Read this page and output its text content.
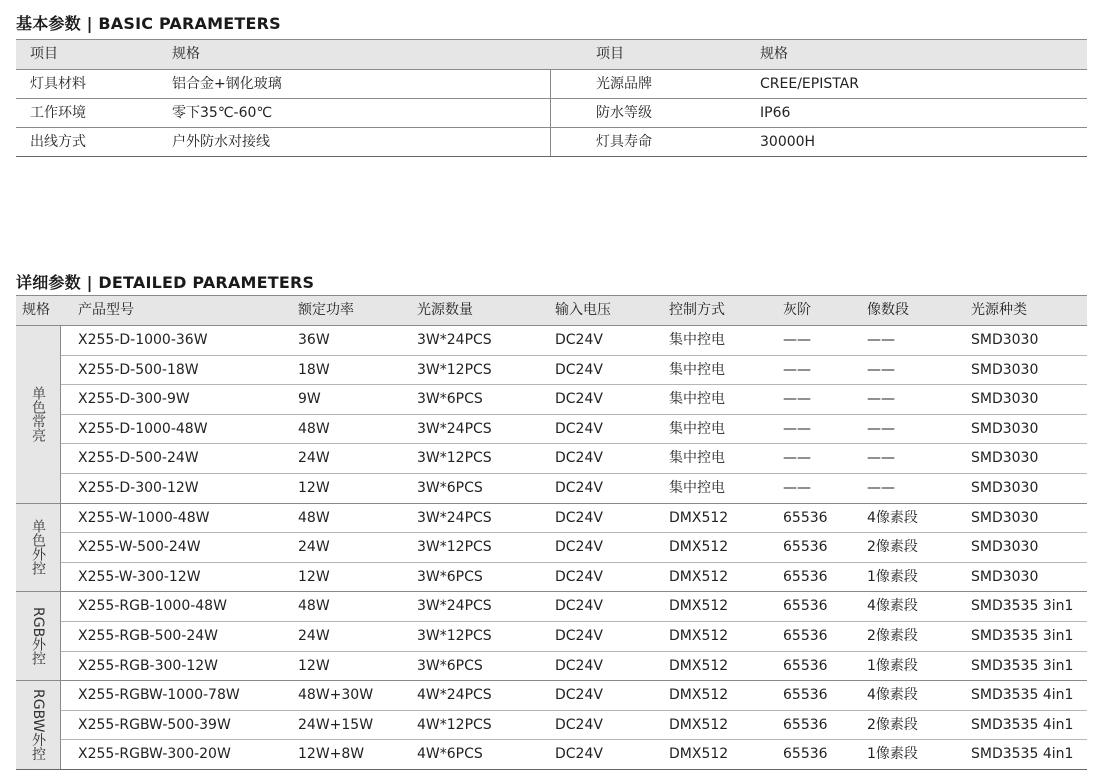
基本参数 | BASIC PARAMETERS
项目	规格	项目	规格
灯具材料	铝合金+钢化玻璃	光源品牌	CREE/EPISTAR
工作环境	零下35℃-60℃	防水等级	IP66
出线方式	户外防水对接线	灯具寿命	30000H
详细参数 | DETAILED PARAMETERS
规格 产品型号	额定功率	光源数量	输入电压	控制方式	灰阶	像数段	光源种类
单色常亮
X255-D-1000-36W	36W	3W*24PCS	DC24V	集中控电	——	——	SMD3030
X255-D-500-18W	18W	3W*12PCS	DC24V	集中控电	——	——	SMD3030
X255-D-300-9W	9W	3W*6PCS	DC24V	集中控电	——	——	SMD3030
X255-D-1000-48W	48W	3W*24PCS	DC24V	集中控电	——	——	SMD3030
X255-D-500-24W	24W	3W*12PCS	DC24V	集中控电	——	——	SMD3030
X255-D-300-12W	12W	3W*6PCS	DC24V	集中控电	——	——	SMD3030
单色外控
X255-W-1000-48W	48W	3W*24PCS	DC24V	DMX512	65536	4像素段	SMD3030
X255-W-500-24W	24W	3W*12PCS	DC24V	DMX512	65536	2像素段	SMD3030
X255-W-300-12W	12W	3W*6PCS	DC24V	DMX512	65536	1像素段	SMD3030
RGB外控
X255-RGB-1000-48W	48W	3W*24PCS	DC24V	DMX512	65536	4像素段	SMD3535 3in1
X255-RGB-500-24W	24W	3W*12PCS	DC24V	DMX512	65536	2像素段	SMD3535 3in1
X255-RGB-300-12W	12W	3W*6PCS	DC24V	DMX512	65536	1像素段	SMD3535 3in1
RGBW外控 X255-RGBW-1000-78W	48W+30W	4W*24PCS	DC24V	DMX512	65536	4像素段	SMD3535 4in1
X255-RGBW-500-39W	24W+15W	4W*12PCS	DC24V	DMX512	65536	2像素段	SMD3535 4in1
X255-RGBW-300-20W	12W+8W	4W*6PCS	DC24V	DMX512	65536	1像素段	SMD3535 4in1
